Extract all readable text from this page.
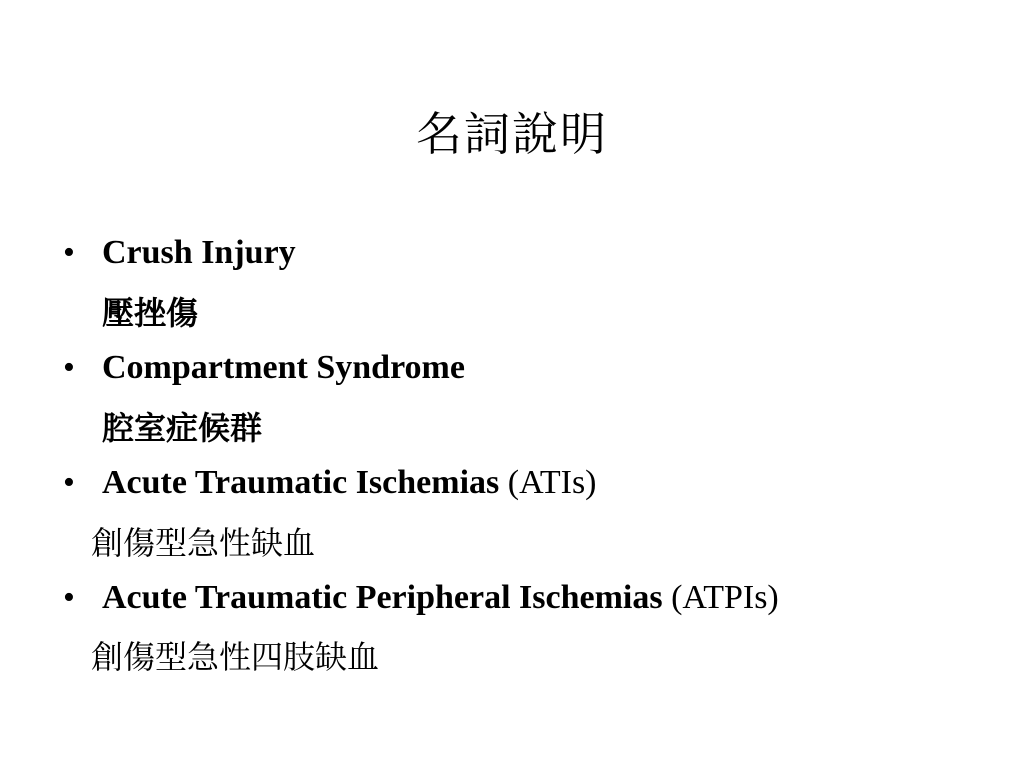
名詞說明
• Crush Injury
壓挫傷
• Compartment Syndrome
腔室症候群
• Acute Traumatic Ischemias (ATIs)
創傷型急性缺血
• Acute Traumatic Peripheral Ischemias (ATPIs)
創傷型急性四肢缺血
